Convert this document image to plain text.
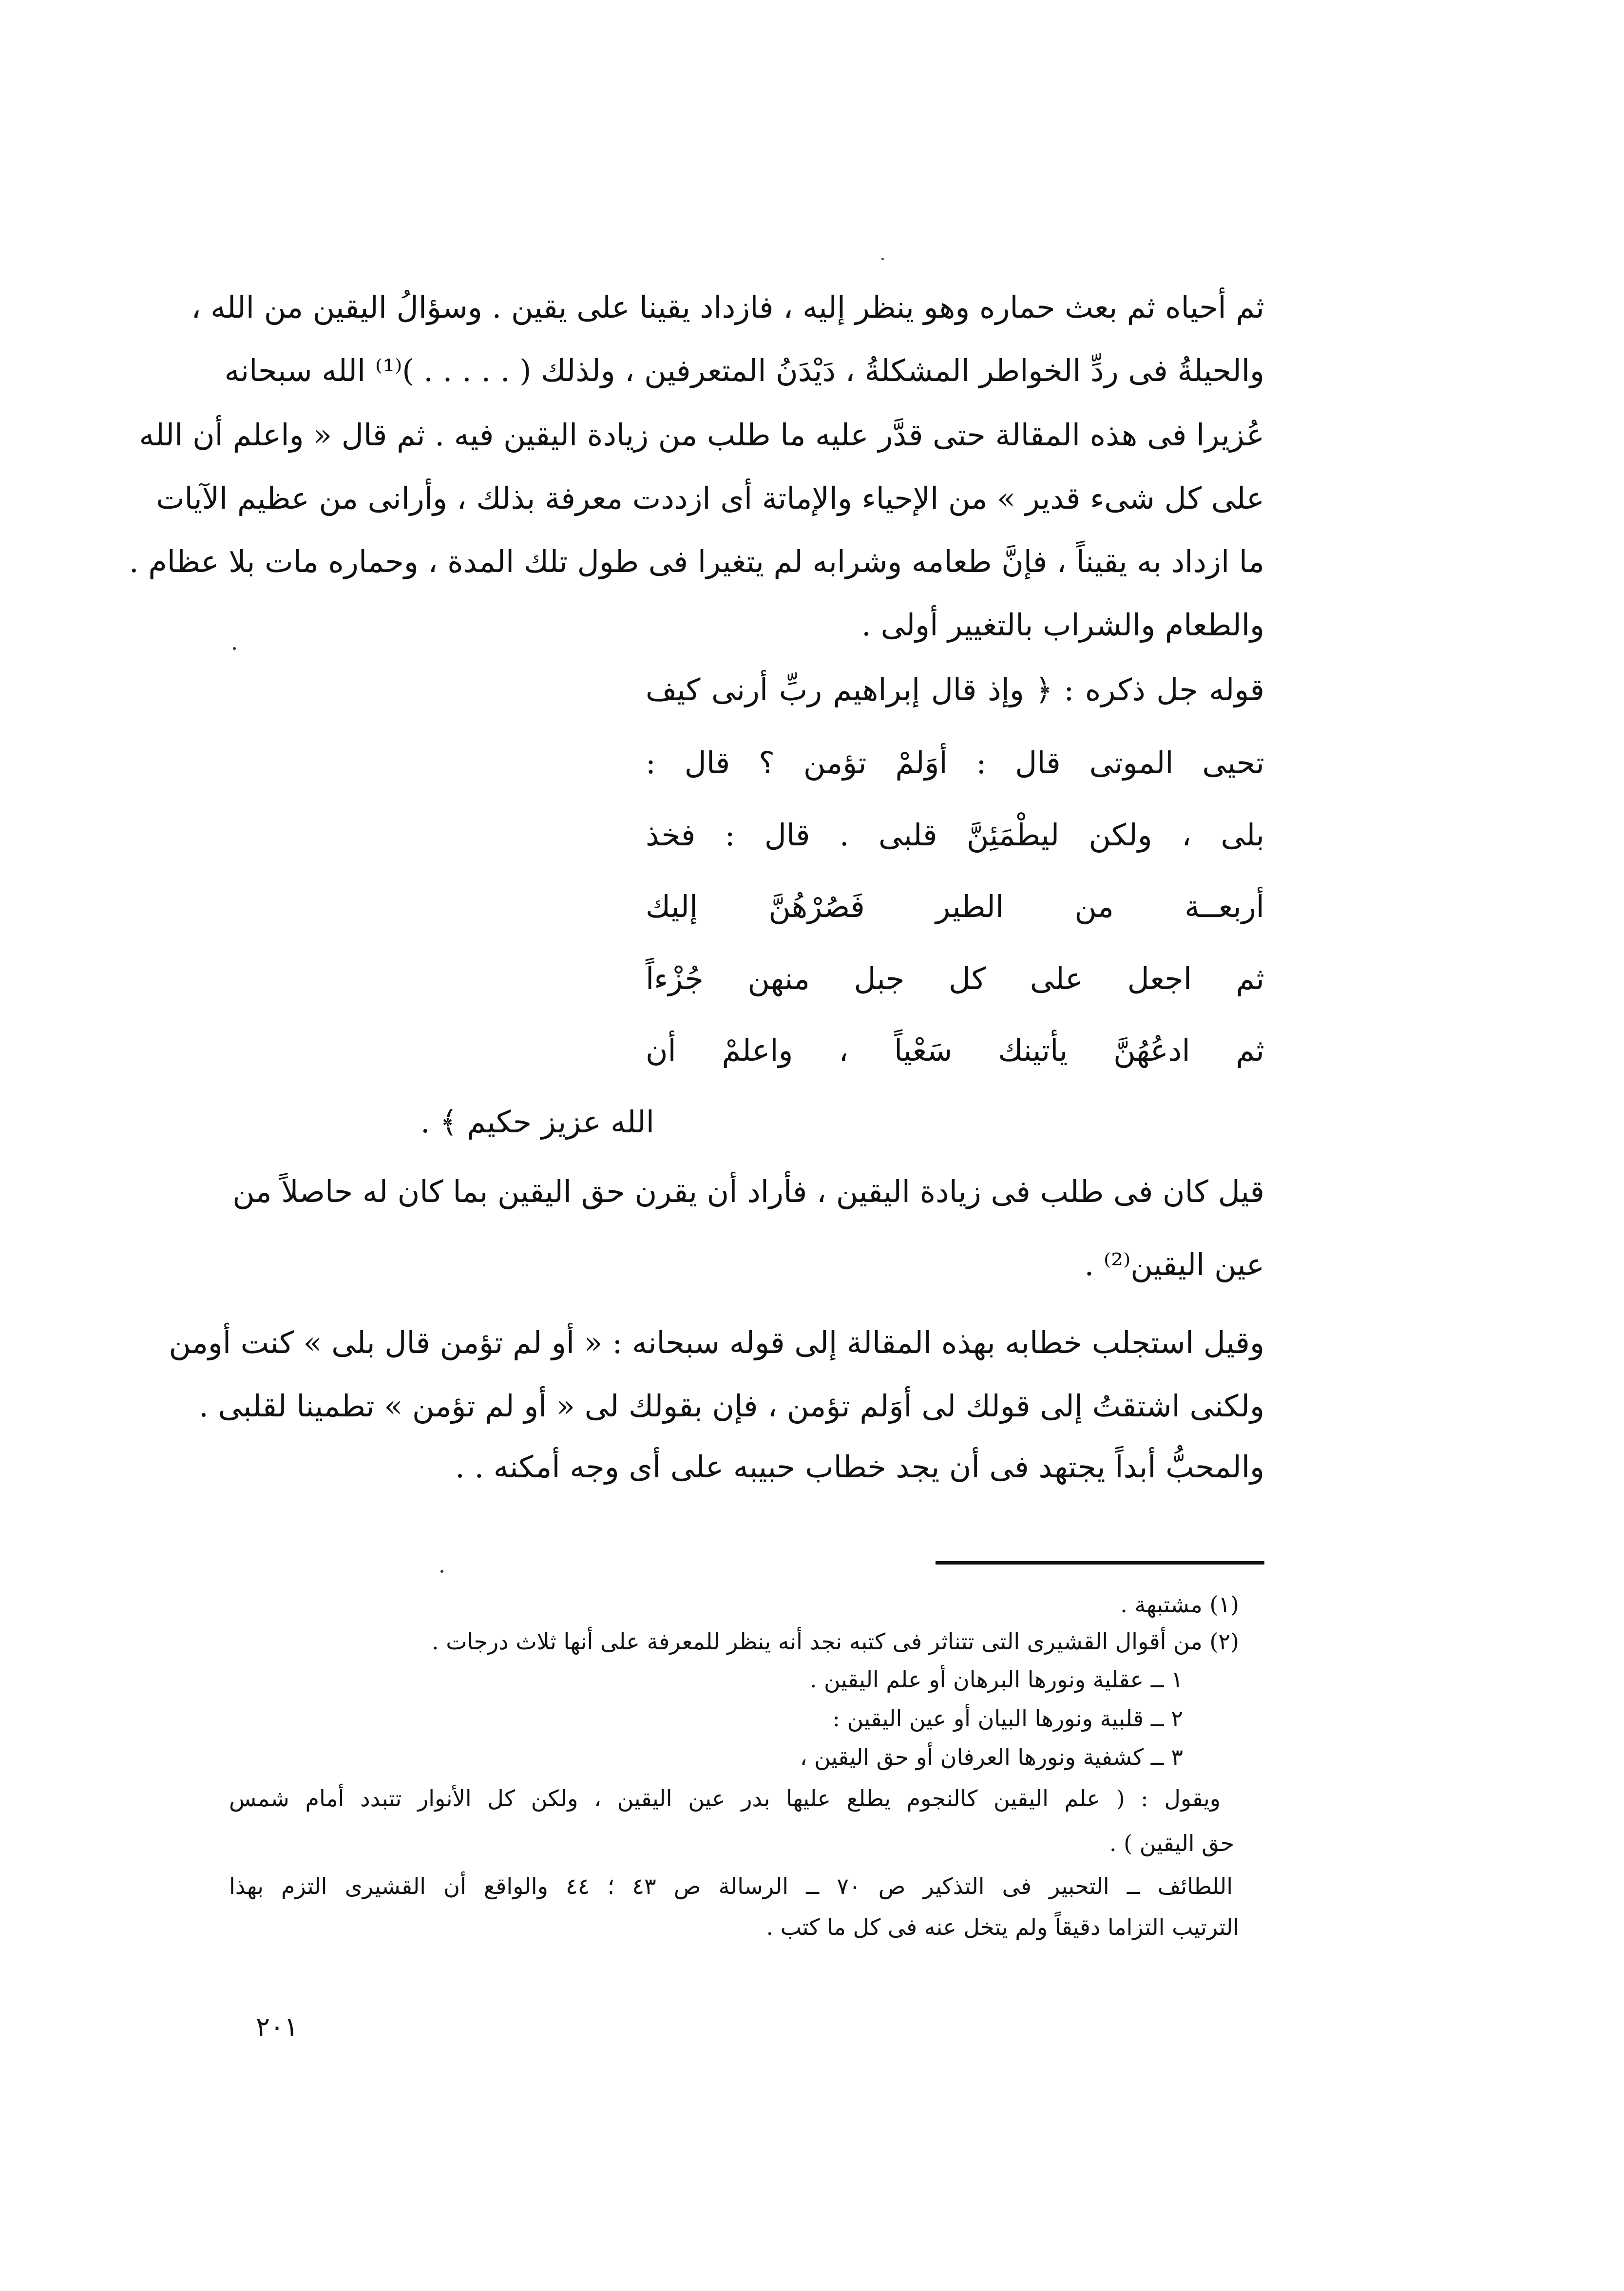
ثم أحياه ثم بعث حماره وهو ينظر إليه ، فازداد يقينا على يقين . وسؤالُ اليقين من الله ،
والحيلةُ فى ردِّ الخواطر المشكلةُ ، دَيْدَنُ المتعرفين ، ولذلك ( . . . . . )⁽¹⁾ الله سبحانه
عُزيرا فى هذه المقالة حتى قدَّر عليه ما طلب من زيادة اليقين فيه . ثم قال « واعلم أن الله
على كل شىء قدير » من الإحياء والإماتة أى ازددت معرفة بذلك ، وأرانى من عظيم الآيات
ما ازداد به يقيناً ، فإنَّ طعامه وشرابه لم يتغيرا فى طول تلك المدة ، وحماره مات بلا عظام .
والطعام والشراب بالتغيير أولى .
قوله جل ذكره : ﴿ وإذ قال إبراهيم ربِّ أرنى كيف
تحيى الموتى قال : أوَلمْ تؤمن ؟ قال :
بلى ، ولكن ليطْمَئِنَّ قلبى . قال : فخذ
أربعــة من الطير فَصُرْهُنَّ إليك
ثم اجعل على كل جبل منهن جُزْءاً
ثم ادعُهُنَّ يأتينك سَعْياً ، واعلمْ أن
الله عزيز حكيم ﴾ .
قيل كان فى طلب فى زيادة اليقين ، فأراد أن يقرن حق اليقين بما كان له حاصلاً من
عين اليقين⁽²⁾ .
وقيل استجلب خطابه بهذه المقالة إلى قوله سبحانه : « أو لم تؤمن قال بلى » كنت أومن
ولكنى اشتقتُ إلى قولك لى أوَلم تؤمن ، فإن بقولك لى « أو لم تؤمن » تطمينا لقلبى .
والمحبُّ أبداً يجتهد فى أن يجد خطاب حبيبه على أى وجه أمكنه . .
(١) مشتبهة .
(٢) من أقوال القشيرى التى تتناثر فى كتبه نجد أنه ينظر للمعرفة على أنها ثلاث درجات .
١ ــ عقلية ونورها البرهان أو علم اليقين .
٢ ــ قلبية ونورها البيان أو عين اليقين :
٣ ــ كشفية ونورها العرفان أو حق اليقين ،
ويقول : ( علم اليقين كالنجوم يطلع عليها بدر عين اليقين ، ولكن كل الأنوار تتبدد أمام شمس
حق اليقين ) .
اللطائف ــ التحبير فى التذكير ص ٧٠ ــ الرسالة ص ٤٣ ؛ ٤٤ والواقع أن القشيرى التزم بهذا
الترتيب التزاما دقيقاً ولم يتخل عنه فى كل ما كتب .
٢٠١
